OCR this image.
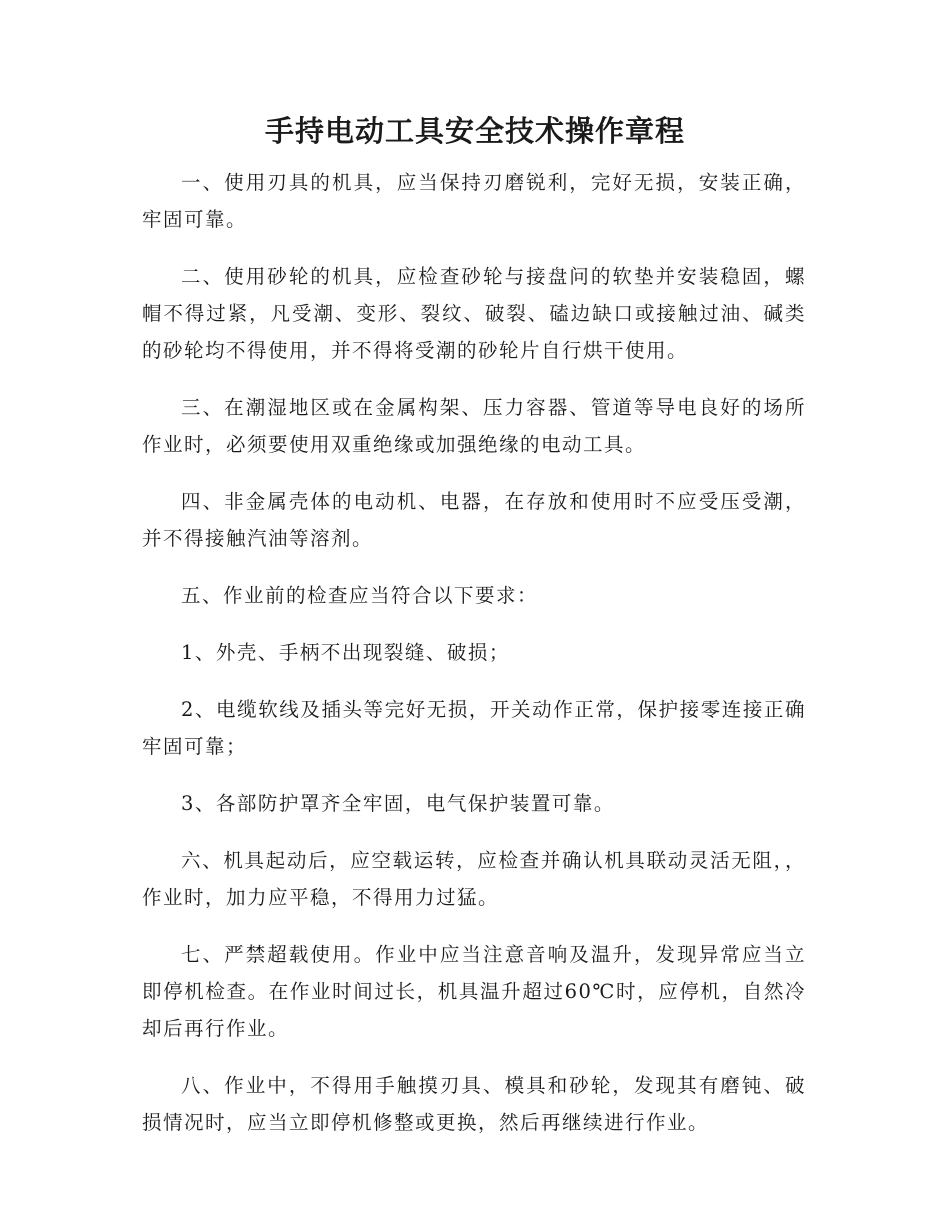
手持电动工具安全技术操作章程

一、使用刃具的机具，应当保持刃磨锐利，完好无损，安装正确，牢固可靠。

二、使用砂轮的机具，应检查砂轮与接盘问的软垫并安装稳固，螺帽不得过紧，凡受潮、变形、裂纹、破裂、磕边缺口或接触过油、碱类的砂轮均不得使用，并不得将受潮的砂轮片自行烘干使用。

三、在潮湿地区或在金属构架、压力容器、管道等导电良好的场所作业时，必须要使用双重绝缘或加强绝缘的电动工具。

四、非金属壳体的电动机、电器，在存放和使用时不应受压受潮，并不得接触汽油等溶剂。

五、作业前的检查应当符合以下要求：

1、外壳、手柄不出现裂缝、破损；

2、电缆软线及插头等完好无损，开关动作正常，保护接零连接正确牢固可靠；

3、各部防护罩齐全牢固，电气保护装置可靠。

六、机具起动后，应空载运转，应检查并确认机具联动灵活无阻，，作业时，加力应平稳，不得用力过猛。

七、严禁超载使用。作业中应当注意音响及温升，发现异常应当立即停机检查。在作业时间过长，机具温升超过60℃时，应停机，自然冷却后再行作业。

八、作业中，不得用手触摸刃具、模具和砂轮，发现其有磨钝、破损情况时，应当立即停机修整或更换，然后再继续进行作业。
